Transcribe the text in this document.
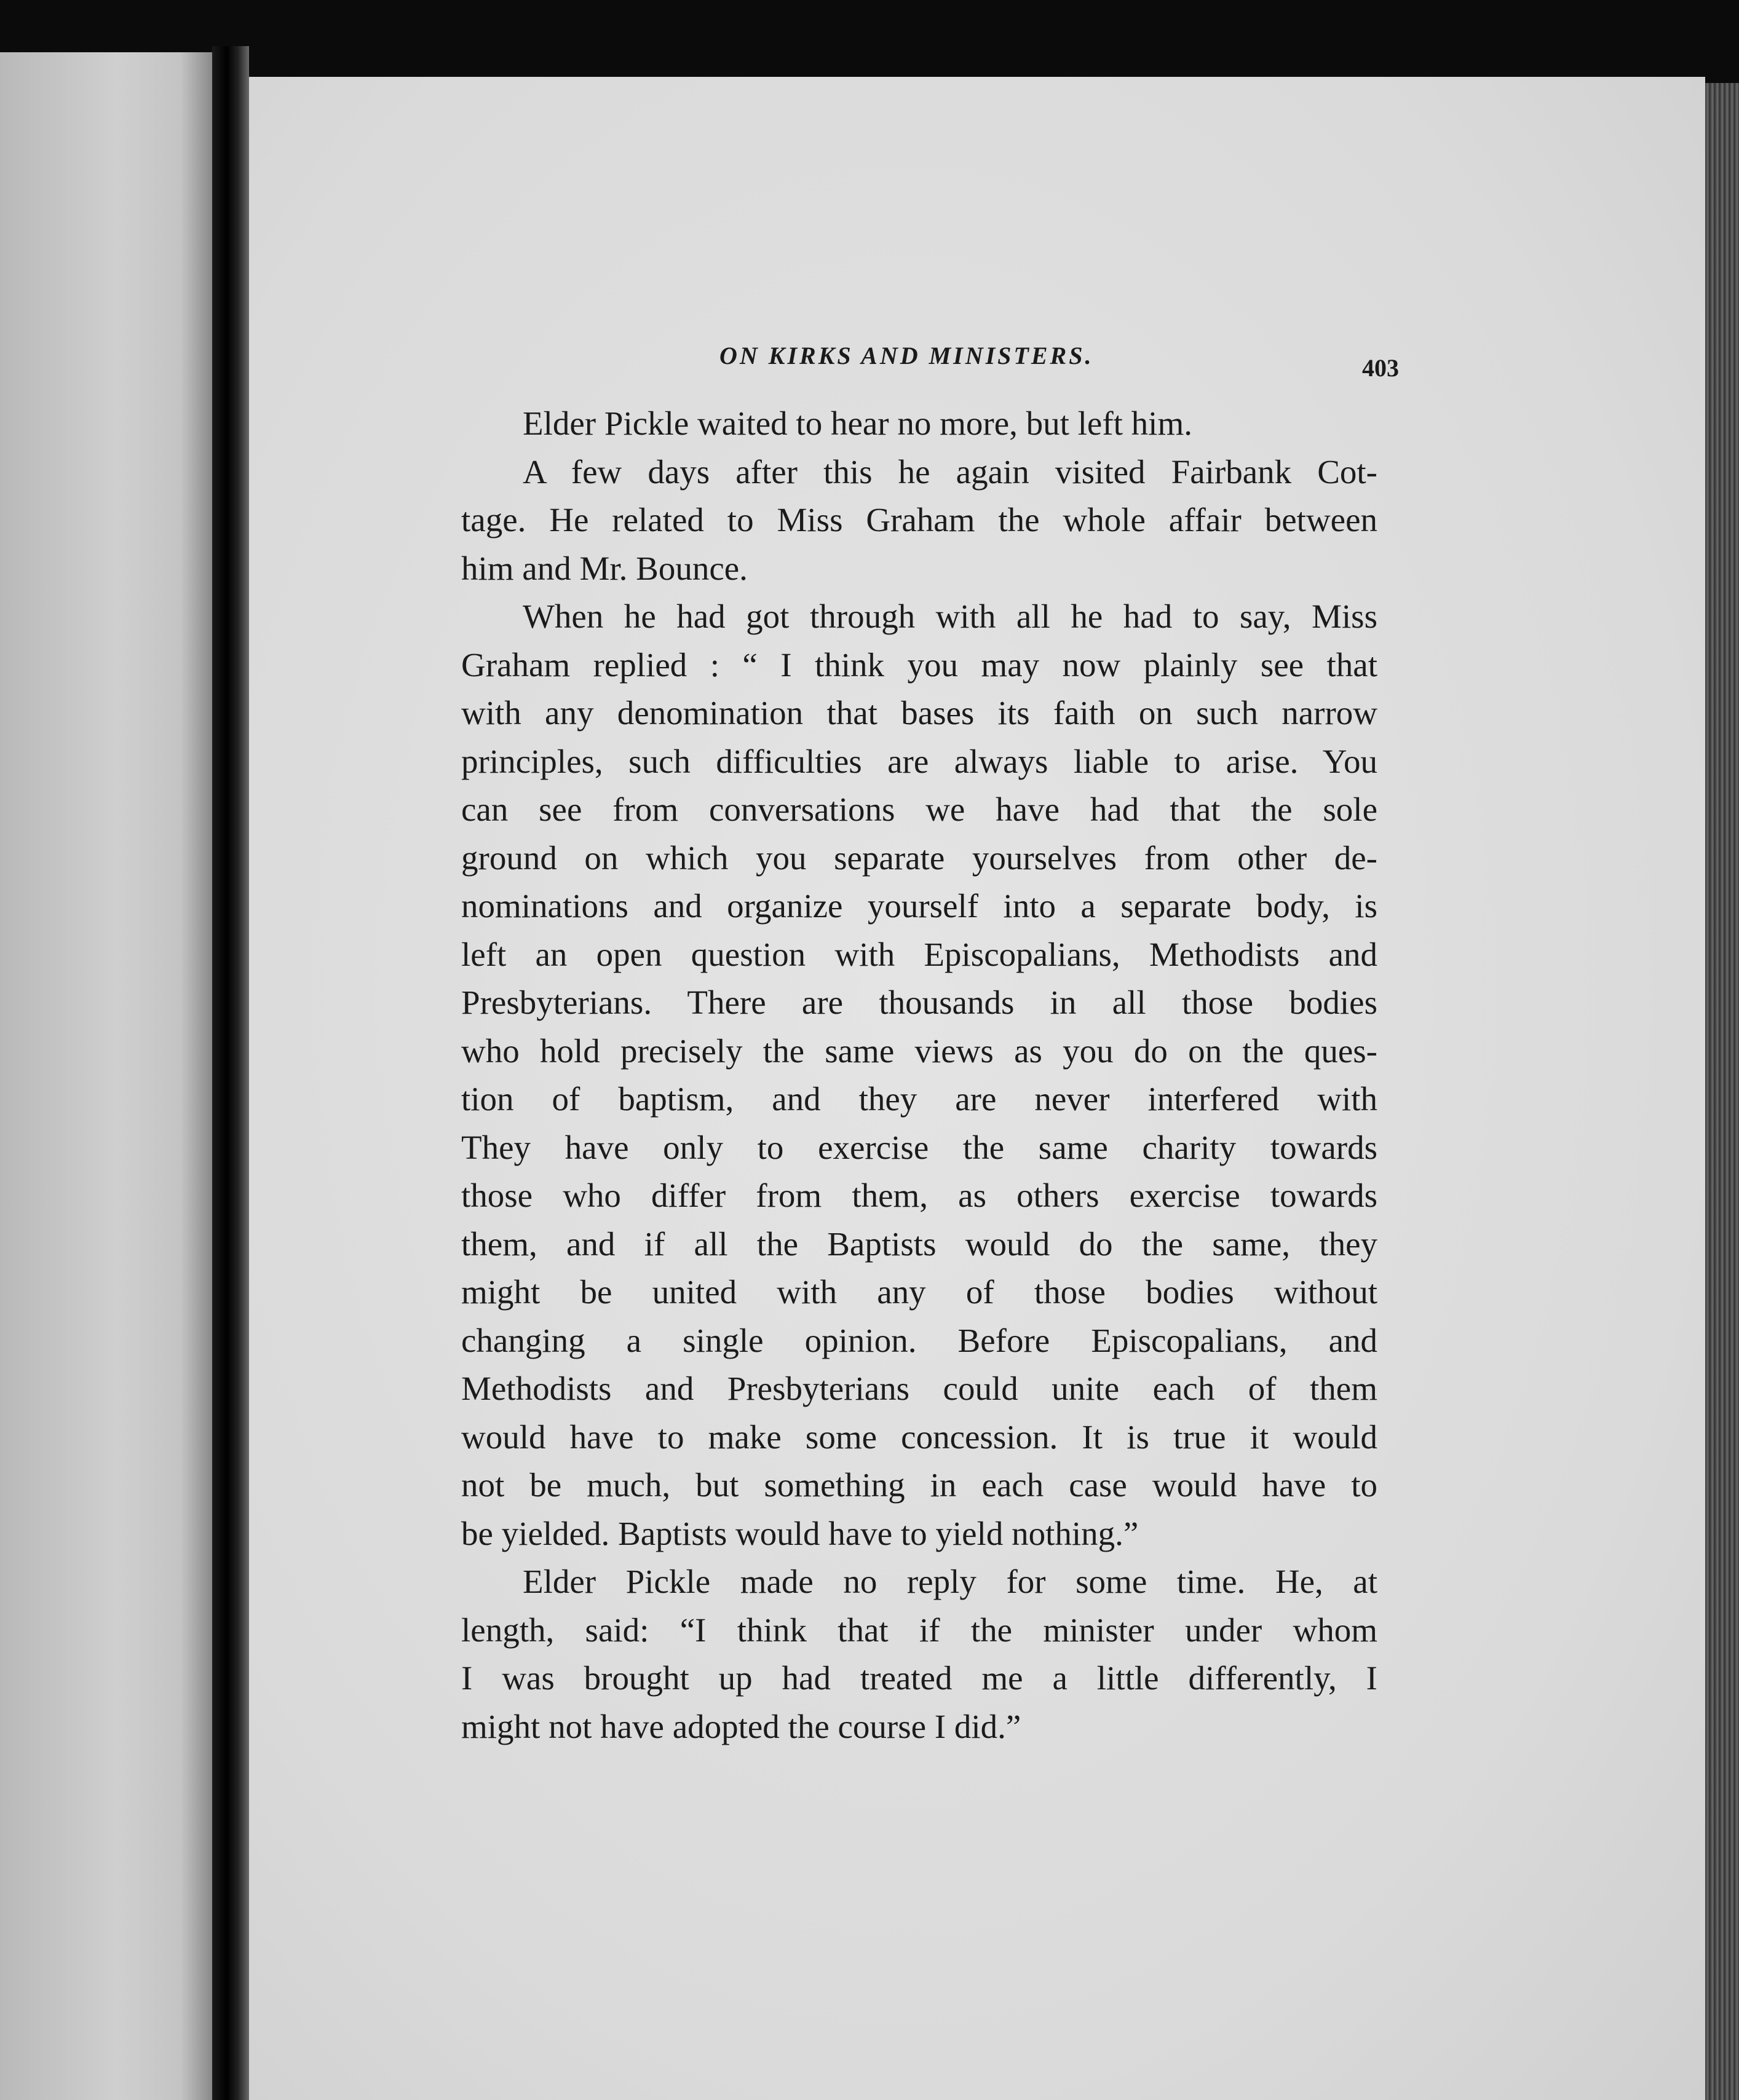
ON KIRKS AND MINISTERS.	403

Elder Pickle waited to hear no more, but left him.

A few days after this he again visited Fairbank Cot-
tage. He related to Miss Graham the whole affair between
him and Mr. Bounce.

When he had got through with all he had to say, Miss
Graham replied : “ I think you may now plainly see that
with any denomination that bases its faith on such narrow
principles, such difficulties are always liable to arise. You
can see from conversations we have had that the sole
ground on which you separate yourselves from other de-
nominations and organize yourself into a separate body, is
left an open question with Episcopalians, Methodists and
Presbyterians. There are thousands in all those bodies
who hold precisely the same views as you do on the ques-
tion of baptism, and they are never interfered with
They have only to exercise the same charity towards
those who differ from them, as others exercise towards
them, and if all the Baptists would do the same, they
might be united with any of those bodies without
changing a single opinion. Before Episcopalians, and
Methodists and Presbyterians could unite each of them
would have to make some concession. It is true it would
not be much, but something in each case would have to
be yielded. Baptists would have to yield nothing.”

Elder Pickle made no reply for some time. He, at
length, said: “I think that if the minister under whom
I was brought up had treated me a little differently, I
might not have adopted the course I did.”
